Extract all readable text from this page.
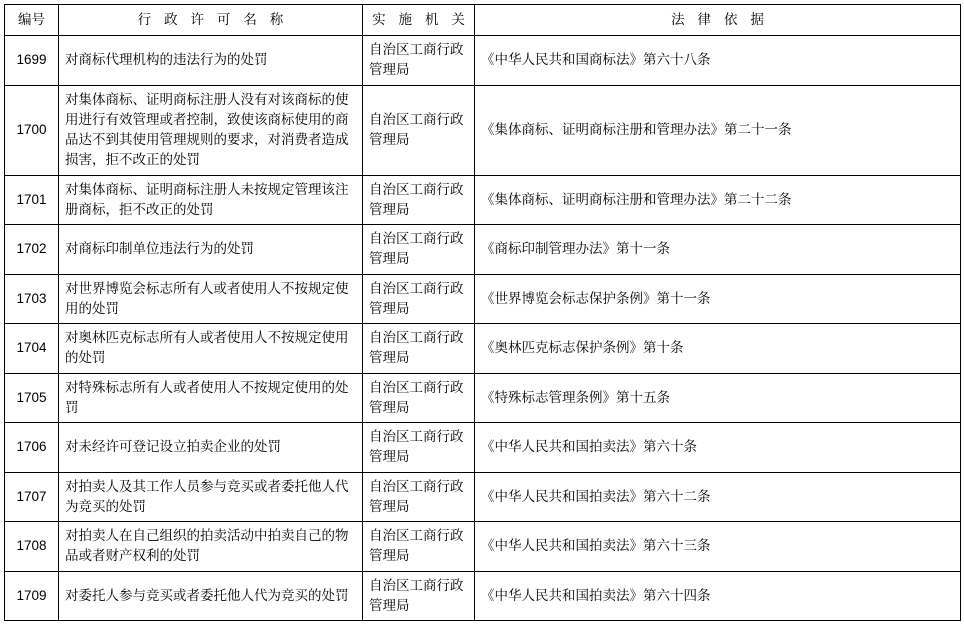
编号	行 政 许 可 名 称	实 施 机 关	法 律 依 据
1699	对商标代理机构的违法行为的处罚	自治区工商行政管理局	《中华人民共和国商标法》第六十八条
1700	对集体商标、证明商标注册人没有对该商标的使用进行有效管理或者控制，致使该商标使用的商品达不到其使用管理规则的要求，对消费者造成损害，拒不改正的处罚	自治区工商行政管理局	《集体商标、证明商标注册和管理办法》第二十一条
1701	对集体商标、证明商标注册人未按规定管理该注册商标，拒不改正的处罚	自治区工商行政管理局	《集体商标、证明商标注册和管理办法》第二十二条
1702	对商标印制单位违法行为的处罚	自治区工商行政管理局	《商标印制管理办法》第十一条
1703	对世界博览会标志所有人或者使用人不按规定使用的处罚	自治区工商行政管理局	《世界博览会标志保护条例》第十一条
1704	对奥林匹克标志所有人或者使用人不按规定使用的处罚	自治区工商行政管理局	《奥林匹克标志保护条例》第十条
1705	对特殊标志所有人或者使用人不按规定使用的处罚	自治区工商行政管理局	《特殊标志管理条例》第十五条
1706	对未经许可登记设立拍卖企业的处罚	自治区工商行政管理局	《中华人民共和国拍卖法》第六十条
1707	对拍卖人及其工作人员参与竞买或者委托他人代为竞买的处罚	自治区工商行政管理局	《中华人民共和国拍卖法》第六十二条
1708	对拍卖人在自己组织的拍卖活动中拍卖自己的物品或者财产权利的处罚	自治区工商行政管理局	《中华人民共和国拍卖法》第六十三条
1709	对委托人参与竞买或者委托他人代为竞买的处罚	自治区工商行政管理局	《中华人民共和国拍卖法》第六十四条
